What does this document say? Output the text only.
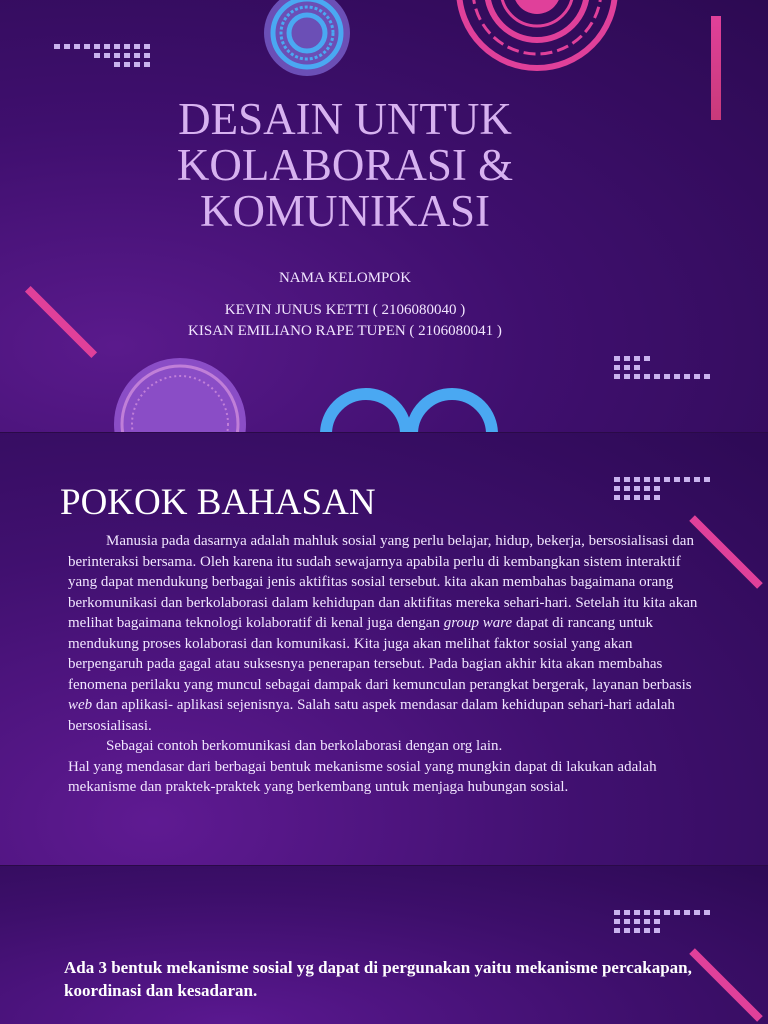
DESAIN UNTUK
KOLABORASI &
KOMUNIKASI
NAMA KELOMPOK
KEVIN JUNUS KETTI ( 2106080040 )
KISAN EMILIANO RAPE TUPEN ( 2106080041 )
POKOK BAHASAN

Manusia pada dasarnya adalah mahluk sosial yang perlu belajar, hidup, bekerja, bersosialisasi dan berinteraksi bersama. Oleh karena itu sudah sewajarnya apabila perlu di kembangkan sistem interaktif yang dapat mendukung berbagai jenis aktifitas sosial tersebut. kita akan membahas bagaimana orang berkomunikasi dan berkolaborasi dalam kehidupan dan aktifitas mereka sehari-hari. Setelah itu kita akan melihat bagaimana teknologi kolaboratif di kenal juga dengan group ware dapat di rancang untuk mendukung proses kolaborasi dan komunikasi. Kita juga akan melihat faktor sosial yang akan berpengaruh pada gagal atau suksesnya penerapan tersebut. Pada bagian akhir kita akan membahas fenomena perilaku yang muncul sebagai dampak dari kemunculan perangkat bergerak, layanan berbasis web dan aplikasi- aplikasi sejenisnya. Salah satu aspek mendasar dalam kehidupan sehari-hari adalah bersosialisasi.

Sebagai contoh berkomunikasi dan berkolaborasi dengan org lain.

Hal yang mendasar dari berbagai bentuk mekanisme sosial yang mungkin dapat di lakukan adalah mekanisme dan praktek-praktek yang berkembang untuk menjaga hubungan sosial.

Ada 3 bentuk mekanisme sosial yg dapat di pergunakan yaitu mekanisme percakapan, koordinasi dan kesadaran.
